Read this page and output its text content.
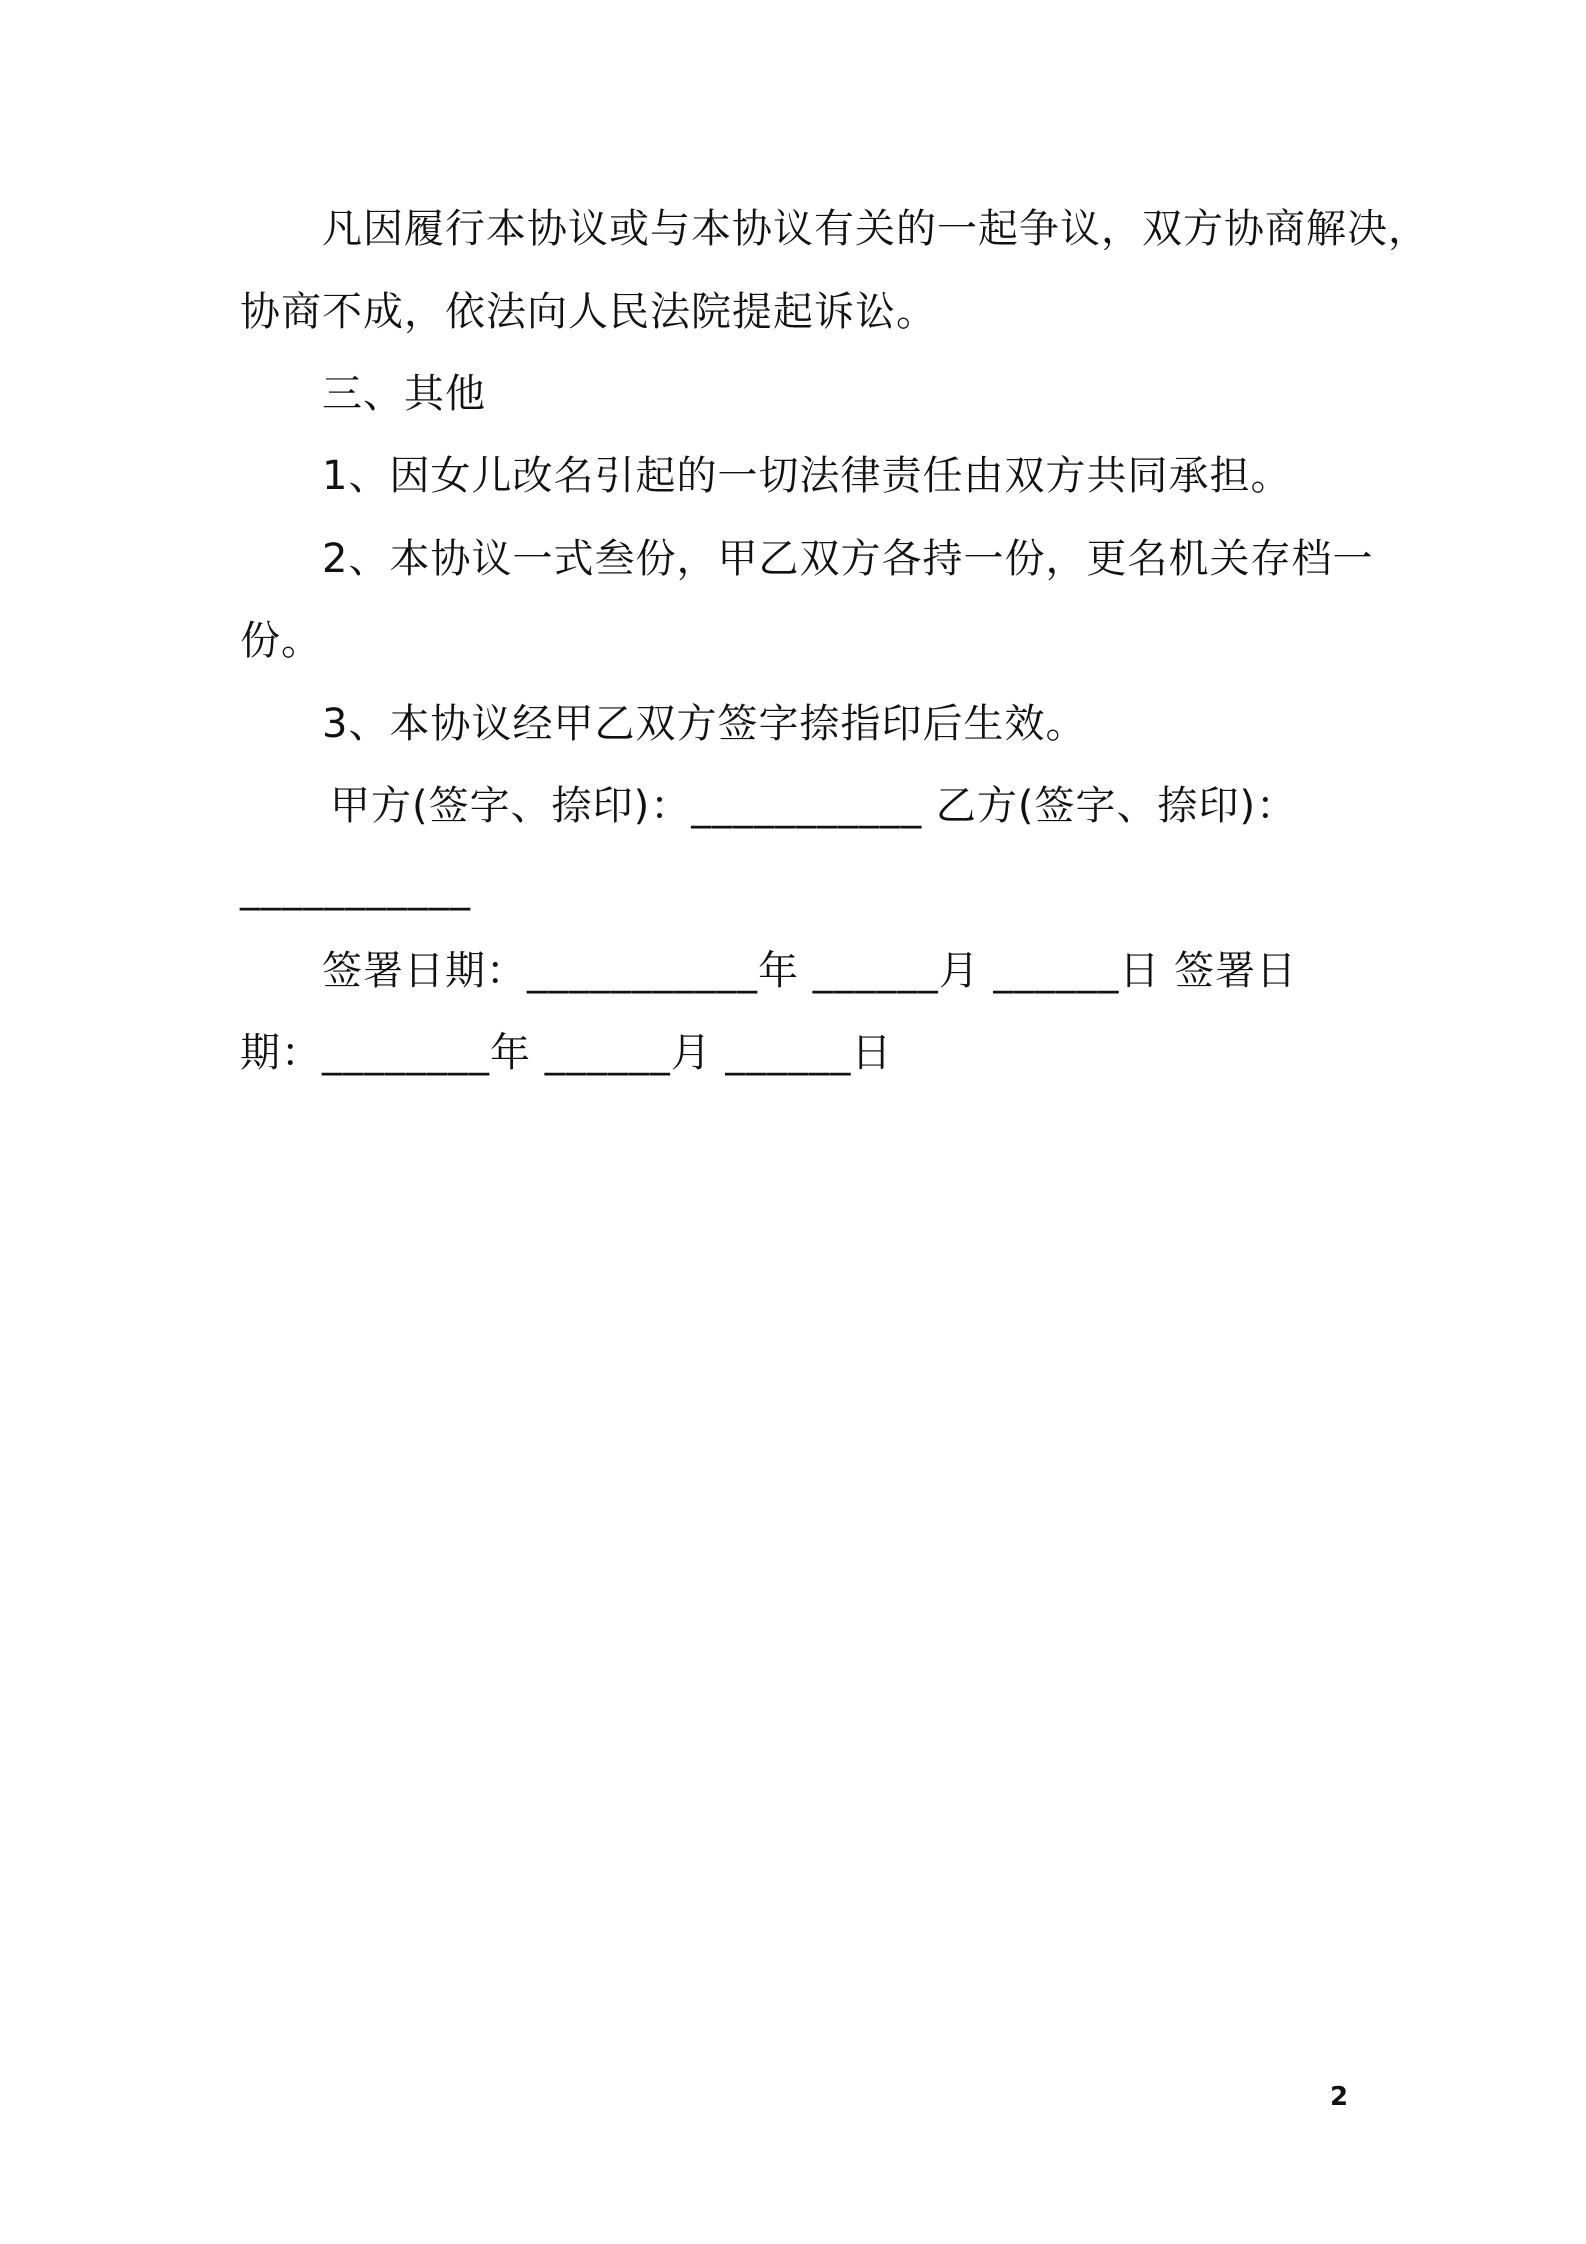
凡因履行本协议或与本协议有关的一起争议，双方协商解决，
协商不成，依法向人民法院提起诉讼。
三、其他
1、因女儿改名引起的一切法律责任由双方共同承担。
2、本协议一式叁份，甲乙双方各持一份，更名机关存档一
份。
3、本协议经甲乙双方签字捺指印后生效。
甲方(签字、捺印)：___________ 乙方(签字、捺印)：
___________
签署日期：___________年 ______月 ______日 签署日
期：________年 ______月 ______日
2
